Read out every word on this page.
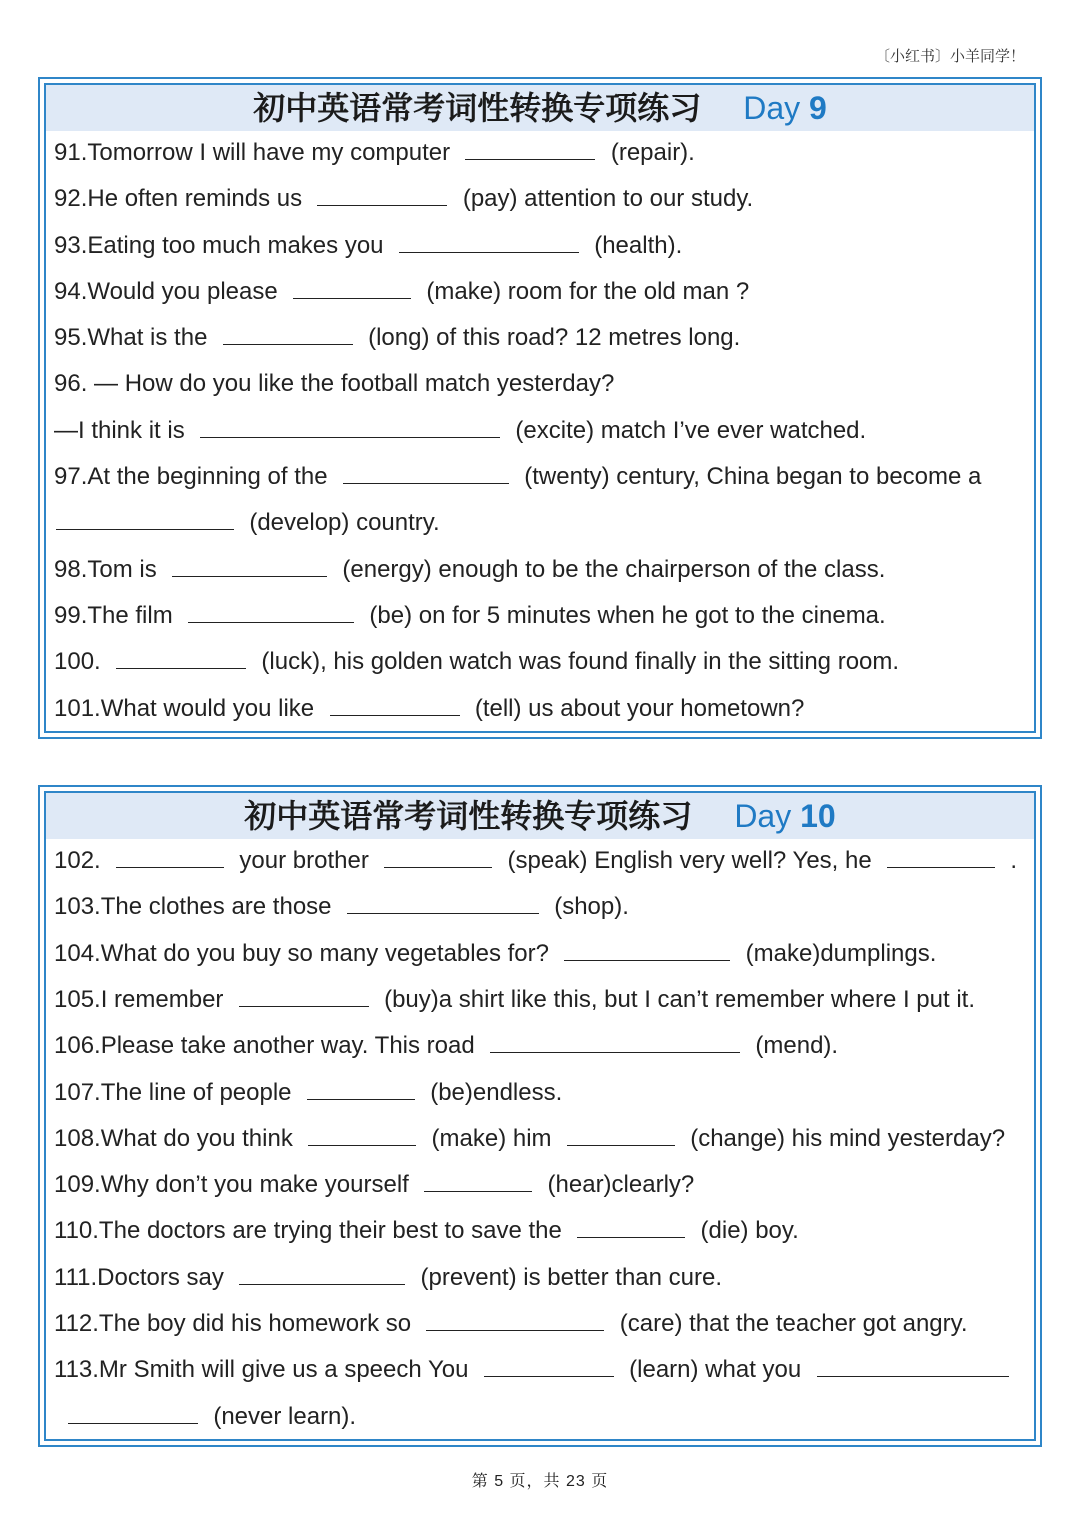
〔小红书〕小羊同学！
初中英语常考词性转换专项练习 Day 9
91.Tomorrow I will have my computer	(repair).
92.He often reminds us	(pay) attention to our study.
93.Eating too much makes you	(health).
94.Would you please	(make) room for the old man ?
95.What is the	(long) of this road? 12 metres long.
96. — How do you like the football match yesterday?
—I think it is	(excite) match I’ve ever watched.
97.At the beginning of the	(twenty) century, China began to become a
(develop) country.
98.Tom is	(energy) enough to be the chairperson of the class.
99.The film	(be) on for 5 minutes when he got to the cinema.
100.	(luck), his golden watch was found finally in the sitting room.
101.What would you like	(tell) us about your hometown?
初中英语常考词性转换专项练习 Day 10
102.	your brother	(speak) English very well? Yes, he	.
103.The clothes are those	(shop).
104.What do you buy so many vegetables for?	(make)dumplings.
105.I remember	(buy)a shirt like this, but I can’t remember where I put it.
106.Please take another way. This road	(mend).
107.The line of people	(be)endless.
108.What do you think	(make) him	(change) his mind yesterday?
109.Why don’t you make yourself	(hear)clearly?
110.The doctors are trying their best to save the	(die) boy.
111.Doctors say	(prevent) is better than cure.
112.The boy did his homework so	(care) that the teacher got angry.
113.Mr Smith will give us a speech You	(learn) what you
(never learn).
第 5 页，共 23 页
